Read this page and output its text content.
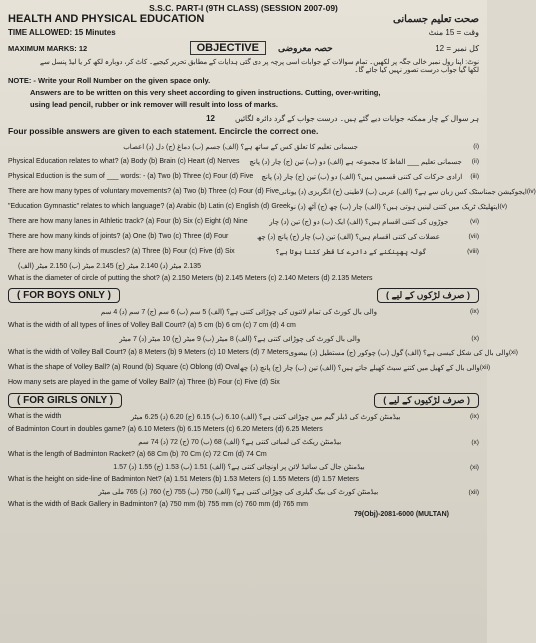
S.S.C. PART-I (9TH CLASS) (SESSION 2007-09)
HEALTH AND PHYSICAL EDUCATION	صحت تعلیم جسمانی
TIME ALLOWED: 15 Minutes	وقت = 15 منٹ
MAXIMUM MARKS: 12	OBJECTIVE	حصہ معروضی	کل نمبر = 12
نوٹ: اپنا رول نمبر خالی جگہ پر لکھیں۔ تمام سوالات کے جوابات اسی پرچہ پر دی گئی ہدایات کے مطابق تحریر کیجیے۔ کاٹ کر، دوبارہ لکھ کر یا لیڈ پنسل سے
لکھا گیا جواب درست تصور نہیں کیا جائے گا۔
NOTE: - Write your Roll Number on the given space only.
Answers are to be written on this very sheet according to given instructions. Cutting, over-writing,
using lead pencil, rubber or ink remover will result into loss of marks.
12	ہر سوال کے چار ممکنہ جوابات دیے گئے ہیں۔ درست جواب کے گرد دائرہ لگائیں
Four possible answers are given to each statement. Encircle the correct one.
جسمانی تعلیم کا تعلق کس کے ساتھ ہے؟ (الف) جسم (ب) دماغ (ج) دل (د) اعصاب	(i)
Physical Education relates to what? (a) Body (b) Brain (c) Heart (d) Nerves جسمانی تعلیم ___ الفاظ کا مجموعہ ہے (الف) دو (ب) تین (ج) چار (د) پانچ (ii)
Physical Eduction is the sum of ___ words: - (a) Two (b) Three (c) Four (d) Five ارادی حرکات کی کتنی قسمیں ہیں؟ (الف) دو (ب) تین (ج) چار (د) پانچ (iii)
There are how many types of voluntary movements? (a) Two (b) Three (c) Four (d) Five ایجوکیشن جمناسٹک کس زبان سے ہے؟ (الف) عربی (ب) لاطینی (ج) انگریزی (د) یونانی (iv)
"Education Gymnastic" relates to which language? (a) Arabic (b) Latin (c) English (d) Greek ایتھلیٹک ٹریک میں کتنی لینیں ہوتی ہیں؟ (الف) چار (ب) چھ (ج) آٹھ (د) نو (v)
There are how many lanes in Athletic track? (a) Four (b) Six (c) Eight (d) Nine	جوڑوں کی کتنی اقسام ہیں؟ (الف) ایک (ب) دو (ج) تین (د) چار	(vi)
There are how many kinds of joints? (a) One (b) Two (c) Three (d) Four	عضلات کی کتنی اقسام ہیں؟ (الف) تین (ب) چار (ج) پانچ (د) چھ	(vii)
There are how many kinds of muscles? (a) Three (b) Four (c) Five (d) Six	گولہ پھینکنے کے دائرے کا قطر کتنا ہوتا ہے؟	(viii)
2.135 میٹر (د) 2.140 میٹر (ج) 2.145 میٹر (ب) 2.150 میٹر (الف)
What is the diameter of circle of putting the shot? (a) 2.150 Meters (b) 2.145 Meters (c) 2.140 Meters (d) 2.135 Meters
( FOR BOYS ONLY )	( صرف لڑکوں کے لیے )
والی بال کورٹ کی تمام لائنوں کی چوڑائی کتنی ہے؟ (الف) 5 سم (ب) 6 سم (ج) 7 سم (د) 4 سم	(ix)
What is the width of all types of lines of Volley Ball Court? (a) 5 cm (b) 6 cm (c) 7 cm (d) 4 cm
والی بال کورٹ کی چوڑائی کتنی ہے؟ (الف) 8 میٹر (ب) 9 میٹر (ج) 10 میٹر (د) 7 میٹر	(x)
What is the width of Volley Ball Court? (a) 8 Meters (b) 9 Meters (c) 10 Meters (d) 7 Meters والی بال کی شکل کیسی ہے؟ (الف) گول (ب) چوکور (ج) مستطیل (د) بیضوی (xi)
What is the shape of Volley Ball? (a) Round (b) Square (c) Oblong (d) Oval والی بال کے کھیل میں کتنے سیٹ کھیلے جاتے ہیں؟ (الف) تین (ب) چار (ج) پانچ (د) چھ (xii)
How many sets are played in the game of Volley Ball? (a) Three (b) Four (c) Five (d) Six
( FOR GIRLS ONLY )	( صرف لڑکیوں کے لیے )
What is the width	بیڈمنٹن کورٹ کی ڈبلز گیم میں چوڑائی کتنی ہے؟ (الف) 6.10 (ب) 6.15 (ج) 6.20 (د) 6.25 میٹر	(ix)
of Badminton Court in doubles game? (a) 6.10 Meters (b) 6.15 Meters (c) 6.20 Meters (d) 6.25 Meters
بیڈمنٹن ریکٹ کی لمبائی کتنی ہے؟ (الف) 68 (ب) 70 (ج) 72 (د) 74 سم	(x)
What is the length of Badminton Racket? (a) 68 Cm (b) 70 Cm (c) 72 Cm (d) 74 Cm
بیڈمنٹن جال کی سائیڈ لائن پر اونچائی کتنی ہے؟ (الف) 1.51 (ب) 1.53 (ج) 1.55 (د) 1.57	(xi)
What is the height on side-line of Badminton Net? (a) 1.51 Meters (b) 1.53 Meters (c) 1.55 Meters (d) 1.57 Meters
بیڈمنٹن کورٹ کی بیک گیلری کی چوڑائی کتنی ہے؟ (الف) 750 (ب) 755 (ج) 760 (د) 765 ملی میٹر	(xii)
What is the width of Back Gallery in Badminton? (a) 750 mm (b) 755 mm (c) 760 mm (d) 765 mm
79(Obj)-2081-6000 (MULTAN)
